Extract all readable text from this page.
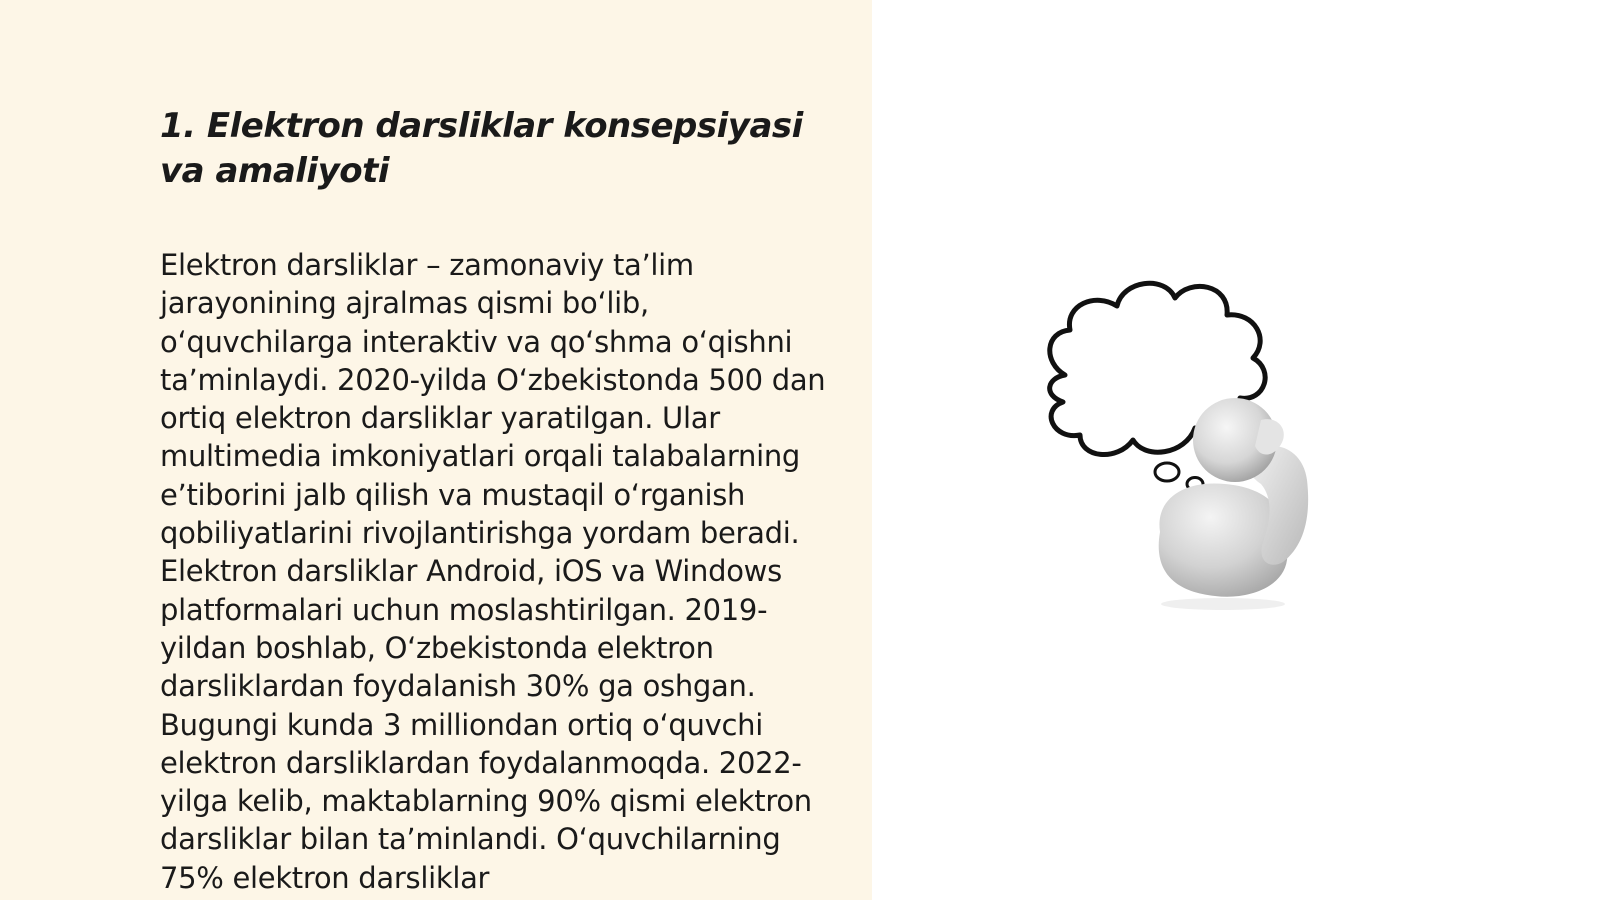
1. Elektron darsliklar konsepsiyasi va amaliyoti

Elektron darsliklar – zamonaviy ta’lim jarayonining ajralmas qismi bo‘lib, o‘quvchilarga interaktiv va qo‘shma o‘qishni ta’minlaydi. 2020-yilda O‘zbekistonda 500 dan ortiq elektron darsliklar yaratilgan. Ular multimedia imkoniyatlari orqali talabalarning e’tiborini jalb qilish va mustaqil o‘rganish qobiliyatlarini rivojlantirishga yordam beradi. Elektron darsliklar Android, iOS va Windows platformalari uchun moslashtirilgan. 2019-yildan boshlab, O‘zbekistonda elektron darsliklardan foydalanish 30% ga oshgan. Bugungi kunda 3 milliondan ortiq o‘quvchi elektron darsliklardan foydalanmoqda. 2022-yilga kelib, maktablarning 90% qismi elektron darsliklar bilan ta’minlandi. O‘quvchilarning 75% elektron darsliklar
